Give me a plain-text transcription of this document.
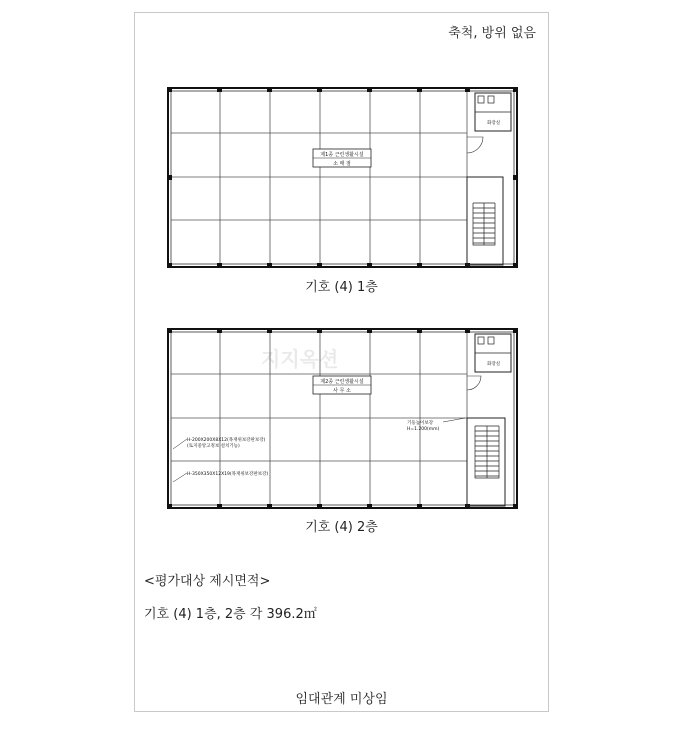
축척, 방위 없음
화장실
제1종 근린생활시설
소 매 점
기호 (4) 1층
지지옥션	화장실
제2종 근린생활시설
사 무 소
기둥높이보강
H=1.200(mm)
H-200X200X8X12(목재위보강판보강)
(토지중앙고정보 설치기능)
H-350X350X12X19(목재위보강판보강)
기호 (4) 2층
<평가대상 제시면적>
기호 (4) 1층, 2층 각 396.2㎡
임대관계 미상임
